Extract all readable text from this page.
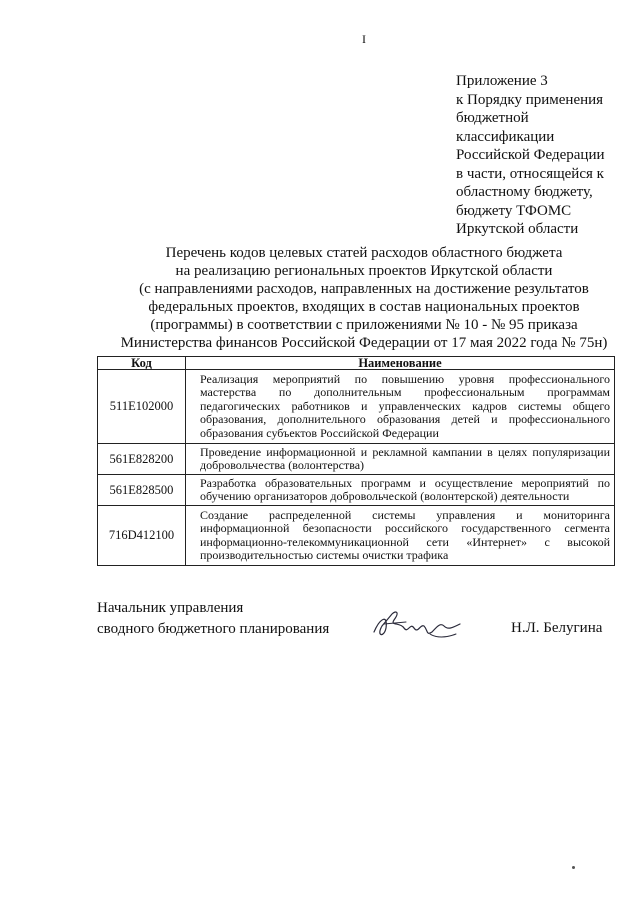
I
Приложение 3
к Порядку применения
бюджетной
классификации
Российской Федерации
в части, относящейся к
областному бюджету,
бюджету ТФОМС
Иркутской области
Перечень кодов целевых статей расходов областного бюджета
на реализацию региональных проектов Иркутской области
(с направлениями расходов, направленных на достижение результатов
федеральных проектов, входящих в состав национальных проектов
(программы) в соответствии с приложениями № 10 - № 95 приказа
Министерства финансов Российской Федерации от 17 мая 2022 года № 75н)
Код	Наименование
511E102000	Реализация мероприятий по повышению уровня профессионального мастерства по дополнительным профессиональным программам педагогических работников и управленческих кадров системы общего образования, дополнительного образования детей и профессионального образования субъектов Российской Федерации
561E828200	Проведение информационной и рекламной кампании в целях популяризации добровольчества (волонтерства)
561E828500	Разработка образовательных программ и осуществление мероприятий по обучению организаторов добровольческой (волонтерской) деятельности
716D412100	Создание распределенной системы управления и мониторинга информационной безопасности российского государственного сегмента информационно-телекоммуникационной сети «Интернет» с высокой производительностью системы очистки трафика
Начальник управления
сводного бюджетного планирования	Н.Л. Белугина
